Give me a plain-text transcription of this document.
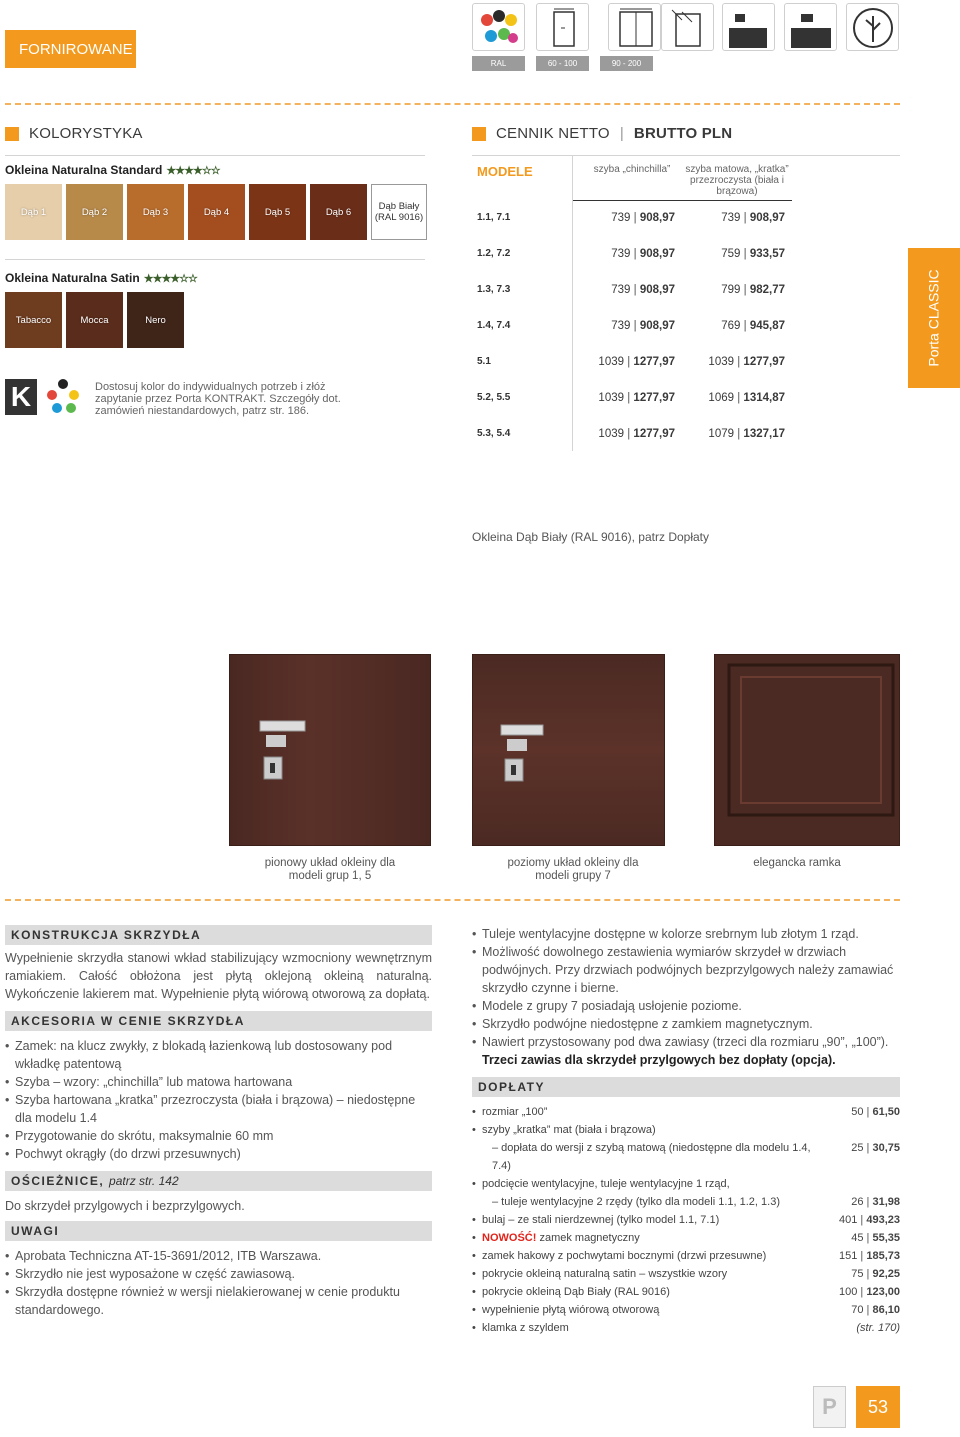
FORNIROWANE
RAL	60 - 100	90 - 200
KOLORYSTYKA
Okleina Naturalna Standard ★★★★☆☆
Dąb 1	Dąb 2	Dąb 3	Dąb 4	Dąb 5	Dąb 6	Dąb Biały (RAL 9016)
Okleina Naturalna Satin ★★★★☆☆
Tabacco	Mocca	Nero
K	Dostosuj kolor do indywidualnych potrzeb i złóż zapytanie przez Porta KONTRAKT. Szczegóły dot.
zamówień niestandardowych, patrz str. 186.
CENNIK NETTO | BRUTTO PLN
MODELE	szyba „chinchilla”	szyba matowa, „kratka” przezroczysta (biała i brązowa)
1.1, 7.1	739 | 908,97	739 | 908,97
1.2, 7.2	739 | 908,97	759 | 933,57
1.3, 7.3	739 | 908,97	799 | 982,77
1.4, 7.4	739 | 908,97	769 | 945,87
5.1	1039 | 1277,97	1039 | 1277,97
5.2, 5.5	1039 | 1277,97	1069 | 1314,87
5.3, 5.4	1039 | 1277,97	1079 | 1327,17
Okleina Dąb Biały (RAL 9016), patrz Dopłaty
Porta CLASSIC
pionowy układ okleiny dla modeli grup 1, 5
poziomy układ okleiny dla modeli grupy 7
elegancka ramka
KONSTRUKCJA SKRZYDŁA

Wypełnienie skrzydła stanowi wkład stabilizujący wzmocniony wewnętrznym ramiakiem. Całość obłożona jest płytą oklejoną okleiną naturalną. Wykończenie lakierem mat. Wypełnienie płytą wiórową otworową za dopłatą.

AKCESORIA W CENIE SKRZYDŁA
• Zamek: na klucz zwykły, z blokadą łazienkową lub dostosowany pod wkładkę patentową
• Szyba – wzory: „chinchilla” lub matowa hartowana
• Szyba hartowana „kratka” przezroczysta (biała i brązowa) – niedostępne dla modelu 1.4
• Przygotowanie do skrótu, maksymalnie 60 mm
• Pochwyt okrągły (do drzwi przesuwnych)
OŚCIEŻNICE, patrz str. 142

Do skrzydeł przylgowych i bezprzylgowych.

UWAGI
• Aprobata Techniczna AT-15-3691/2012, ITB Warszawa.
• Skrzydło nie jest wyposażone w część zawiasową.
• Skrzydła dostępne również w wersji nielakierowanej w cenie produktu standardowego.
• Tuleje wentylacyjne dostępne w kolorze srebrnym lub złotym 1 rząd.
• Możliwość dowolnego zestawienia wymiarów skrzydeł w drzwiach podwójnych. Przy drzwiach podwójnych bezprzylgowych należy zamawiać skrzydło czynne i bierne.
• Modele z grupy 7 posiadają usłojenie poziome.
• Skrzydło podwójne niedostępne z zamkiem magnetycznym.
• Nawiert przystosowany pod dwa zawiasy (trzeci dla rozmiaru „90”, „100”).

Trzeci zawias dla skrzydeł przylgowych bez dopłaty (opcja).

DOPŁATY
• rozmiar „100”	50 | 61,50
• szyby „kratka” mat (biała i brązowa)
– dopłata do wersji z szybą matową (niedostępne dla modelu 1.4, 7.4)
25 | 30,75
• podcięcie wentylacyjne, tuleje wentylacyjne 1 rząd,
– tuleje wentylacyjne 2 rzędy (tylko dla modeli 1.1, 1.2, 1.3)	26 | 31,98
• bulaj – ze stali nierdzewnej (tylko model 1.1, 7.1)	401 | 493,23
• NOWOŚĆ! zamek magnetyczny	45 | 55,35
• zamek hakowy z pochwytami bocznymi (drzwi przesuwne)	151 | 185,73
• pokrycie okleiną naturalną satin – wszystkie wzory	75 | 92,25
• pokrycie okleiną Dąb Biały (RAL 9016)	100 | 123,00
• wypełnienie płytą wiórową otworową	70 | 86,10
• klamka z szyldem	(str. 170)
P	53
